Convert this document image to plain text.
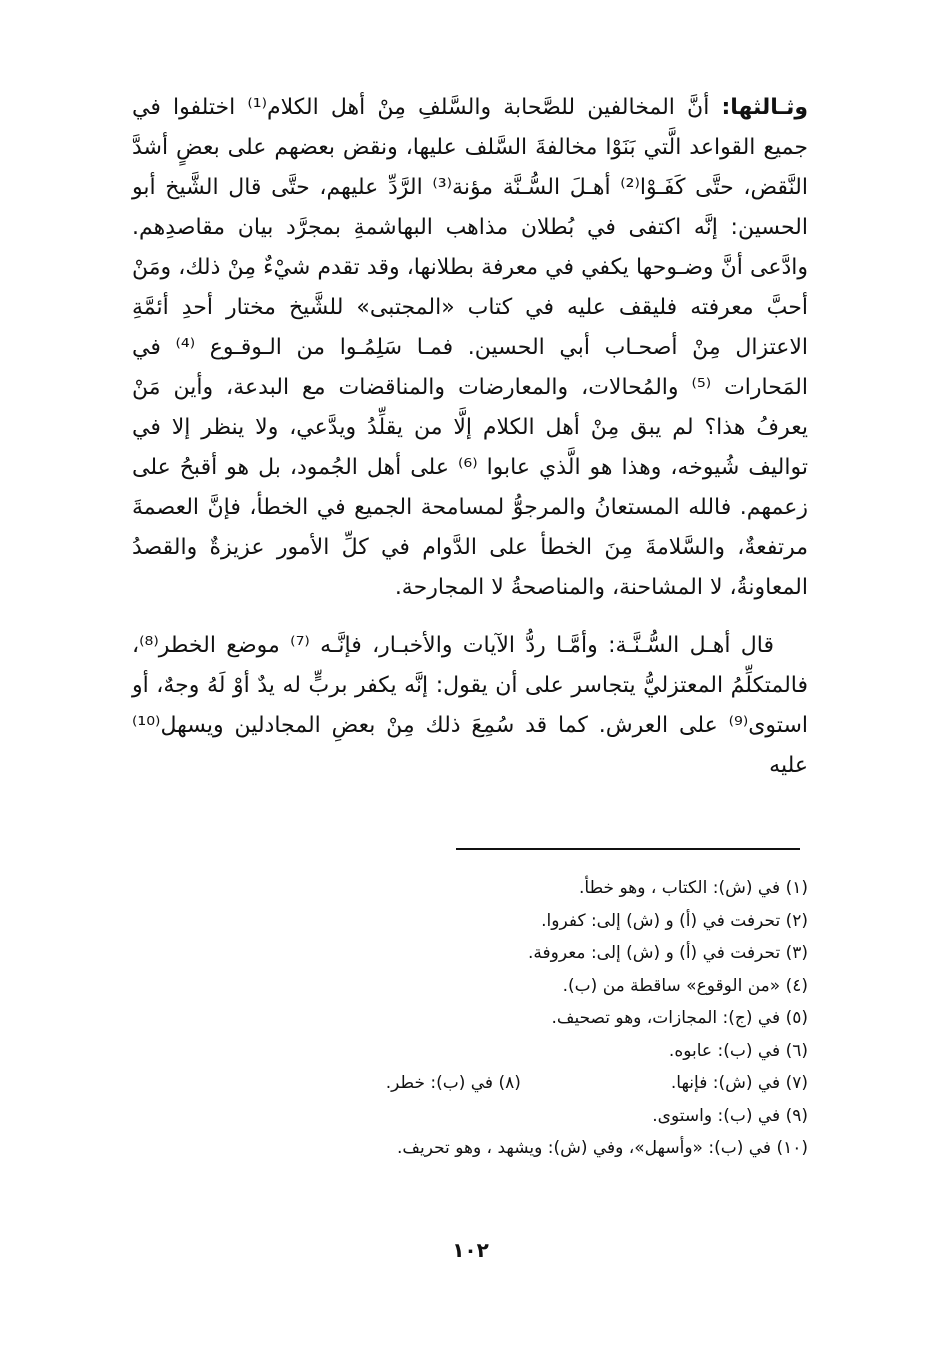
وثـالثها: أنَّ المخالفين للصَّحابة والسَّلفِ مِنْ أهل الكلام⁽¹⁾ اختلفوا في جميع القواعد الَّتي بَنَوْا مخالفةَ السَّلف عليها، ونقض بعضهم على بعضٍ أشدَّ النَّقض، حتَّى كَفَـوْا⁽²⁾ أهـلَ السُّـنَّة مؤنة⁽³⁾ الرَّدِّ عليهم، حتَّى قال الشَّيخ أبو الحسين: إنَّه اكتفى في بُطلان مذاهب البهاشمةِ بمجرَّد بيان مقاصدِهم. وادَّعى أنَّ وضـوحها يكفي في معرفة بطلانها، وقد تقدم شيْءٌ مِنْ ذلك، ومَنْ أحبَّ معرفته فليقف عليه في كتاب «المجتبى» للشَّيخ مختار أحدِ أئمَّةِ الاعتزال مِنْ أصحـاب أبي الحسين. فمـا سَلِمُـوا من الـوقـوع ⁽⁴⁾ في المَحارات ⁽⁵⁾ والمُحالات، والمعارضات والمناقضات مع البدعة، وأين مَنْ يعرفُ هذا؟ لم يبق مِنْ أهل الكلام إلَّا من يقلِّدُ ويدَّعي، ولا ينظر إلا في تواليف شُيوخه، وهذا هو الَّذي عابوا ⁽⁶⁾ على أهل الجُمود، بل هو أقبحُ على زعمهم. فالله المستعانُ والمرجوُّ لمسامحة الجميع في الخطأ، فإنَّ العصمةَ مرتفعةٌ، والسَّلامةَ مِنَ الخطأ على الدَّوام في كلِّ الأمور عزيزةٌ والقصدُ المعاونةُ، لا المشاحنة، والمناصحةُ لا المجارحة.

قال أهـل السُّـنَّـة: وأمَّـا ردُّ الآيات والأخبـار، فإنَّـه ⁽⁷⁾ موضع الخطر⁽⁸⁾، فالمتكلِّمُ المعتزليُّ يتجاسر على أن يقول: إنَّه يكفر بربٍّ له يدٌ أوْ لَهُ وجهٌ، أو استوى⁽⁹⁾ على العرش. كما قد سُمِعَ ذلك مِنْ بعضِ المجادلين ويسهل⁽¹⁰⁾ عليه

(١) في (ش): الكتاب ، وهو خطأ.
(٢) تحرفت في (أ) و (ش) إلى: كفروا.
(٣) تحرفت في (أ) و (ش) إلى: معروفة.
(٤) «من الوقوع» ساقطة من (ب).
(٥) في (ج): المجازات، وهو تصحيف.
(٦) في (ب): عابوه.
(٧) في (ش): فإنها.
(٨) في (ب): خطر.
(٩) في (ب): واستوى.
(١٠) في (ب): «وأسهل»، وفي (ش): ويشهد ، وهو تحريف.
١٠٢
